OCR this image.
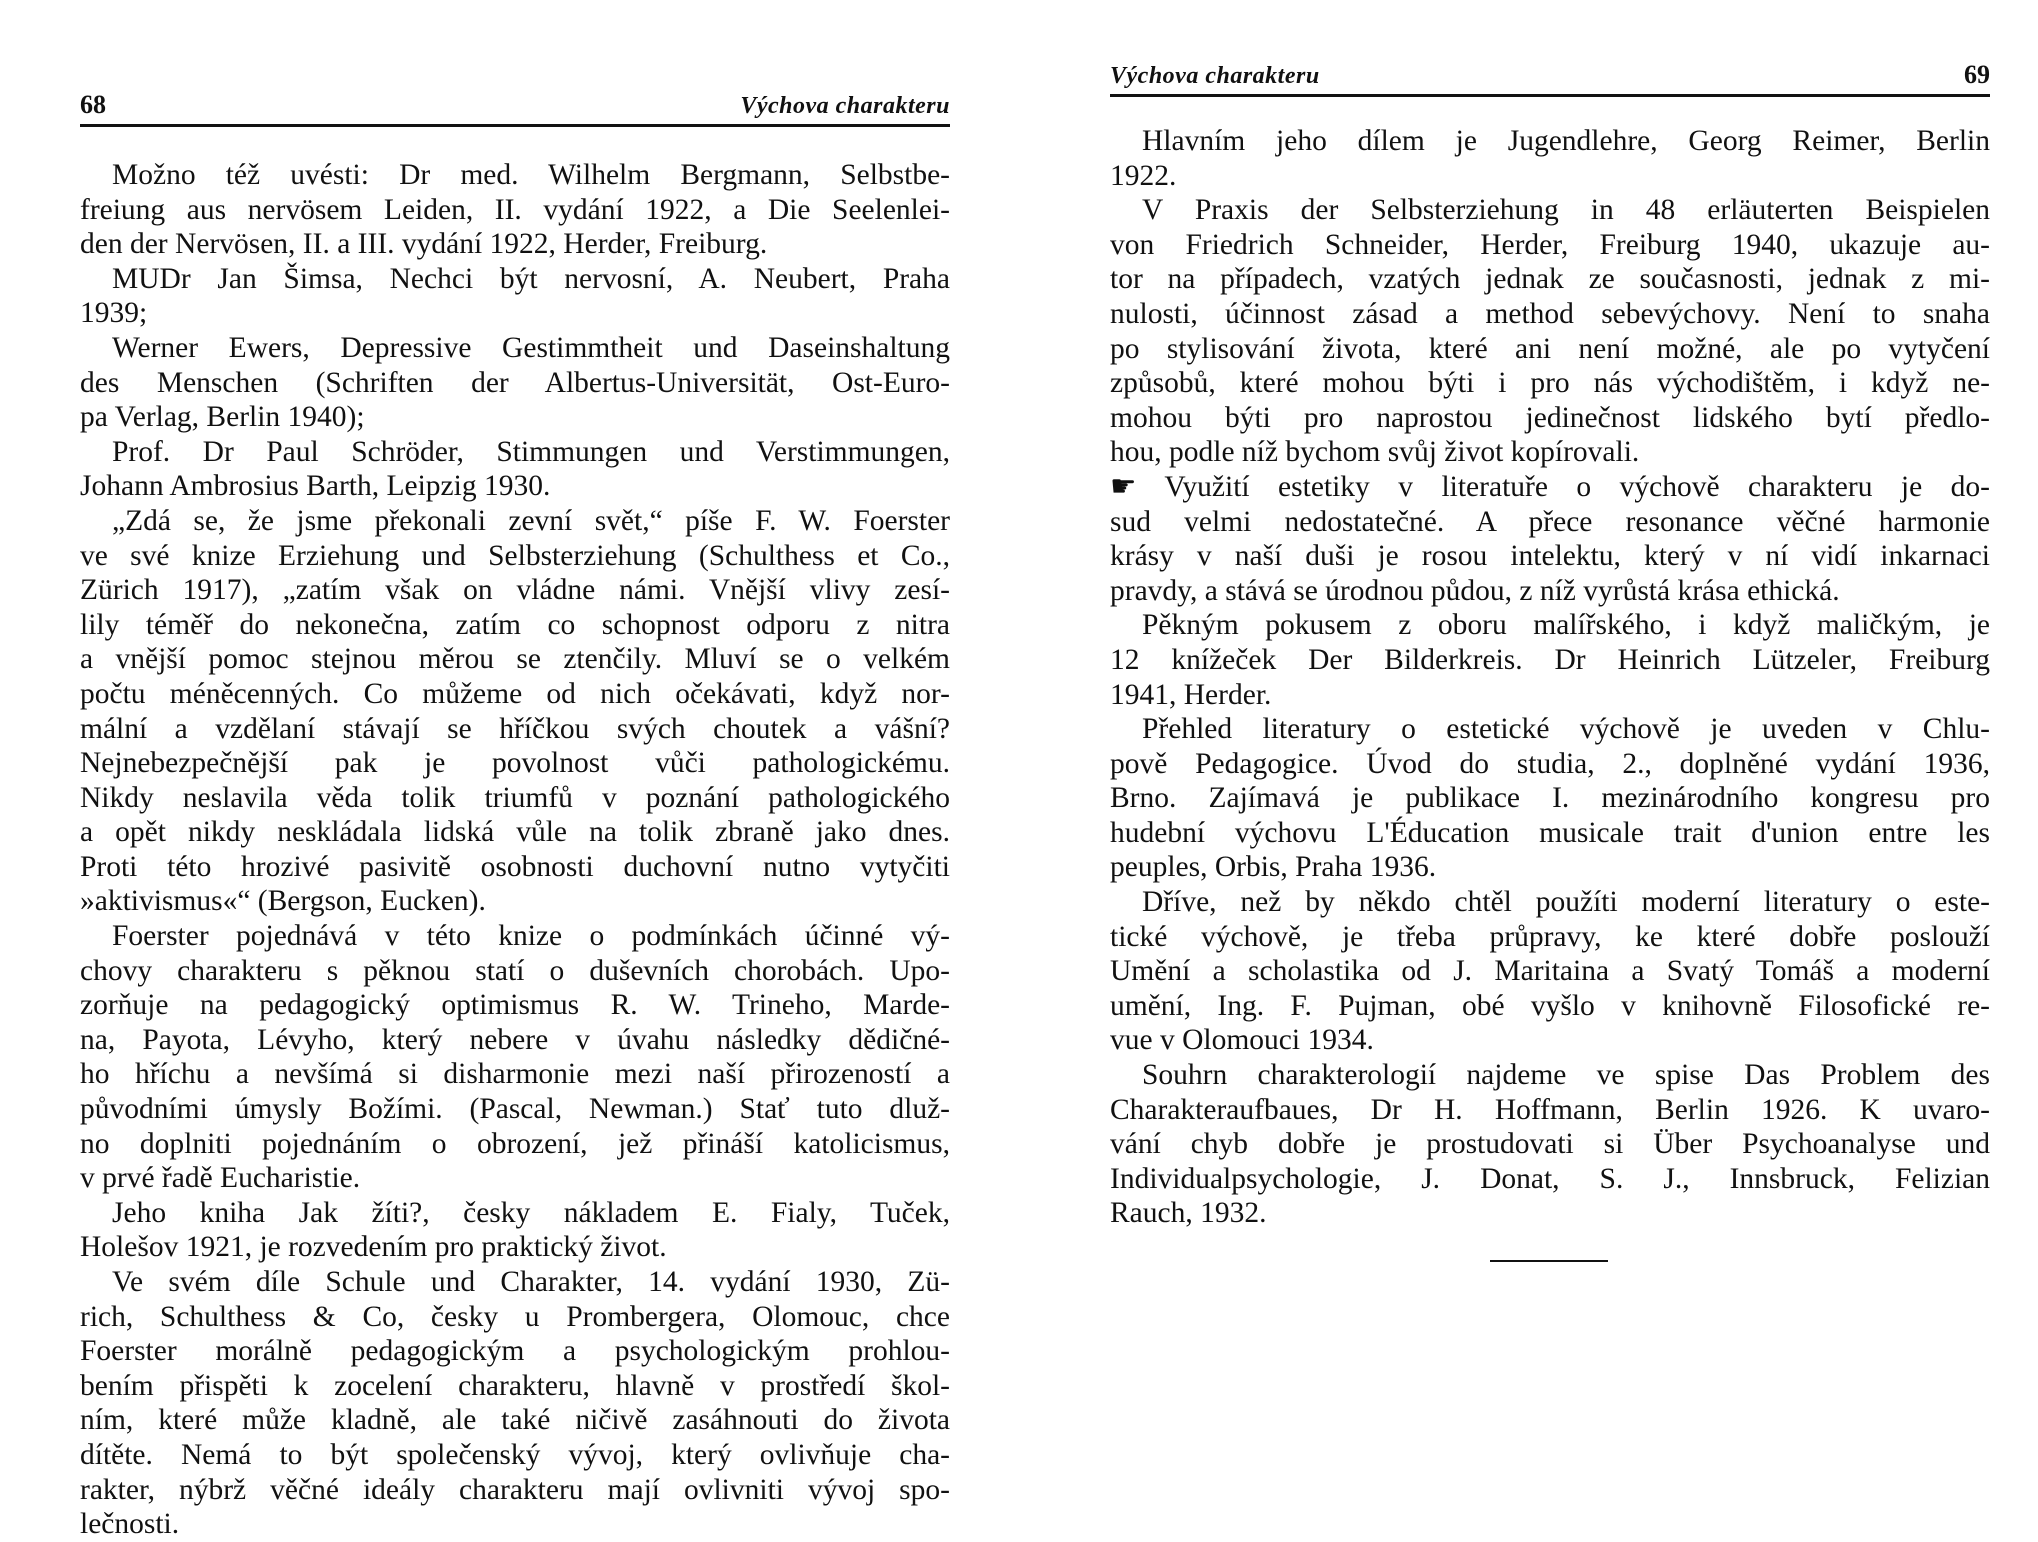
68	Výchova charakteru
Možno též uvésti: Dr med. Wilhelm Bergmann, Selbstbe-
freiung aus nervösem Leiden, II. vydání 1922, a Die Seelenlei-
den der Nervösen, II. a III. vydání 1922, Herder, Freiburg.
MUDr Jan Šimsa, Nechci být nervosní, A. Neubert, Praha
1939;
Werner Ewers, Depressive Gestimmtheit und Daseinshaltung
des Menschen (Schriften der Albertus-Universität, Ost-Euro-
pa Verlag, Berlin 1940);
Prof. Dr Paul Schröder, Stimmungen und Verstimmungen,
Johann Ambrosius Barth, Leipzig 1930.
„Zdá se, že jsme překonali zevní svět,“ píše F. W. Foerster
ve své knize Erziehung und Selbsterziehung (Schulthess et Co.,
Zürich 1917), „zatím však on vládne námi. Vnější vlivy zesí-
lily téměř do nekonečna, zatím co schopnost odporu z nitra
a vnější pomoc stejnou měrou se ztenčily. Mluví se o velkém
počtu méněcenných. Co můžeme od nich očekávati, když nor-
mální a vzdělaní stávají se hříčkou svých choutek a vášní?
Nejnebezpečnější pak je povolnost vůči pathologickému.
Nikdy neslavila věda tolik triumfů v poznání pathologického
a opět nikdy neskládala lidská vůle na tolik zbraně jako dnes.
Proti této hrozivé pasivitě osobnosti duchovní nutno vytyčiti
»aktivismus«“ (Bergson, Eucken).
Foerster pojednává v této knize o podmínkách účinné vý-
chovy charakteru s pěknou statí o duševních chorobách. Upo-
zorňuje na pedagogický optimismus R. W. Trineho, Marde-
na, Payota, Lévyho, který nebere v úvahu následky dědičné-
ho hříchu a nevšímá si disharmonie mezi naší přirozeností a
původními úmysly Božími. (Pascal, Newman.) Stať tuto dluž-
no doplniti pojednáním o obrození, jež přináší katolicismus,
v prvé řadě Eucharistie.
Jeho kniha Jak žíti?, česky nákladem E. Fialy, Tuček,
Holešov 1921, je rozvedením pro praktický život.
Ve svém díle Schule und Charakter, 14. vydání 1930, Zü-
rich, Schulthess & Co, česky u Prombergera, Olomouc, chce
Foerster morálně pedagogickým a psychologickým prohlou-
bením přispěti k zocelení charakteru, hlavně v prostředí škol-
ním, které může kladně, ale také ničivě zasáhnouti do života
dítěte. Nemá to být společenský vývoj, který ovlivňuje cha-
rakter, nýbrž věčné ideály charakteru mají ovlivniti vývoj spo-
lečnosti.
Výchova charakteru	69
Hlavním jeho dílem je Jugendlehre, Georg Reimer, Berlin
1922.
V Praxis der Selbsterziehung in 48 erläuterten Beispielen
von Friedrich Schneider, Herder, Freiburg 1940, ukazuje au-
tor na případech, vzatých jednak ze současnosti, jednak z mi-
nulosti, účinnost zásad a method sebevýchovy. Není to snaha
po stylisování života, které ani není možné, ale po vytyčení
způsobů, které mohou býti i pro nás východištěm, i když ne-
mohou býti pro naprostou jedinečnost lidského bytí předlo-
hou, podle níž bychom svůj život kopírovali.
☛ Využití estetiky v literatuře o výchově charakteru je do-
sud velmi nedostatečné. A přece resonance věčné harmonie
krásy v naší duši je rosou intelektu, který v ní vidí inkarnaci
pravdy, a stává se úrodnou půdou, z níž vyrůstá krása ethická.
Pěkným pokusem z oboru malířského, i když maličkým, je
12 knížeček Der Bilderkreis. Dr Heinrich Lützeler, Freiburg
1941, Herder.
Přehled literatury o estetické výchově je uveden v Chlu-
pově Pedagogice. Úvod do studia, 2., doplněné vydání 1936,
Brno. Zajímavá je publikace I. mezinárodního kongresu pro
hudební výchovu L'Éducation musicale trait d'union entre les
peuples, Orbis, Praha 1936.
Dříve, než by někdo chtěl použíti moderní literatury o este-
tické výchově, je třeba průpravy, ke které dobře poslouží
Umění a scholastika od J. Maritaina a Svatý Tomáš a moderní
umění, Ing. F. Pujman, obé vyšlo v knihovně Filosofické re-
vue v Olomouci 1934.
Souhrn charakterologií najdeme ve spise Das Problem des
Charakteraufbaues, Dr H. Hoffmann, Berlin 1926. K uvaro-
vání chyb dobře je prostudovati si Über Psychoanalyse und
Individualpsychologie, J. Donat, S. J., Innsbruck, Felizian
Rauch, 1932.
